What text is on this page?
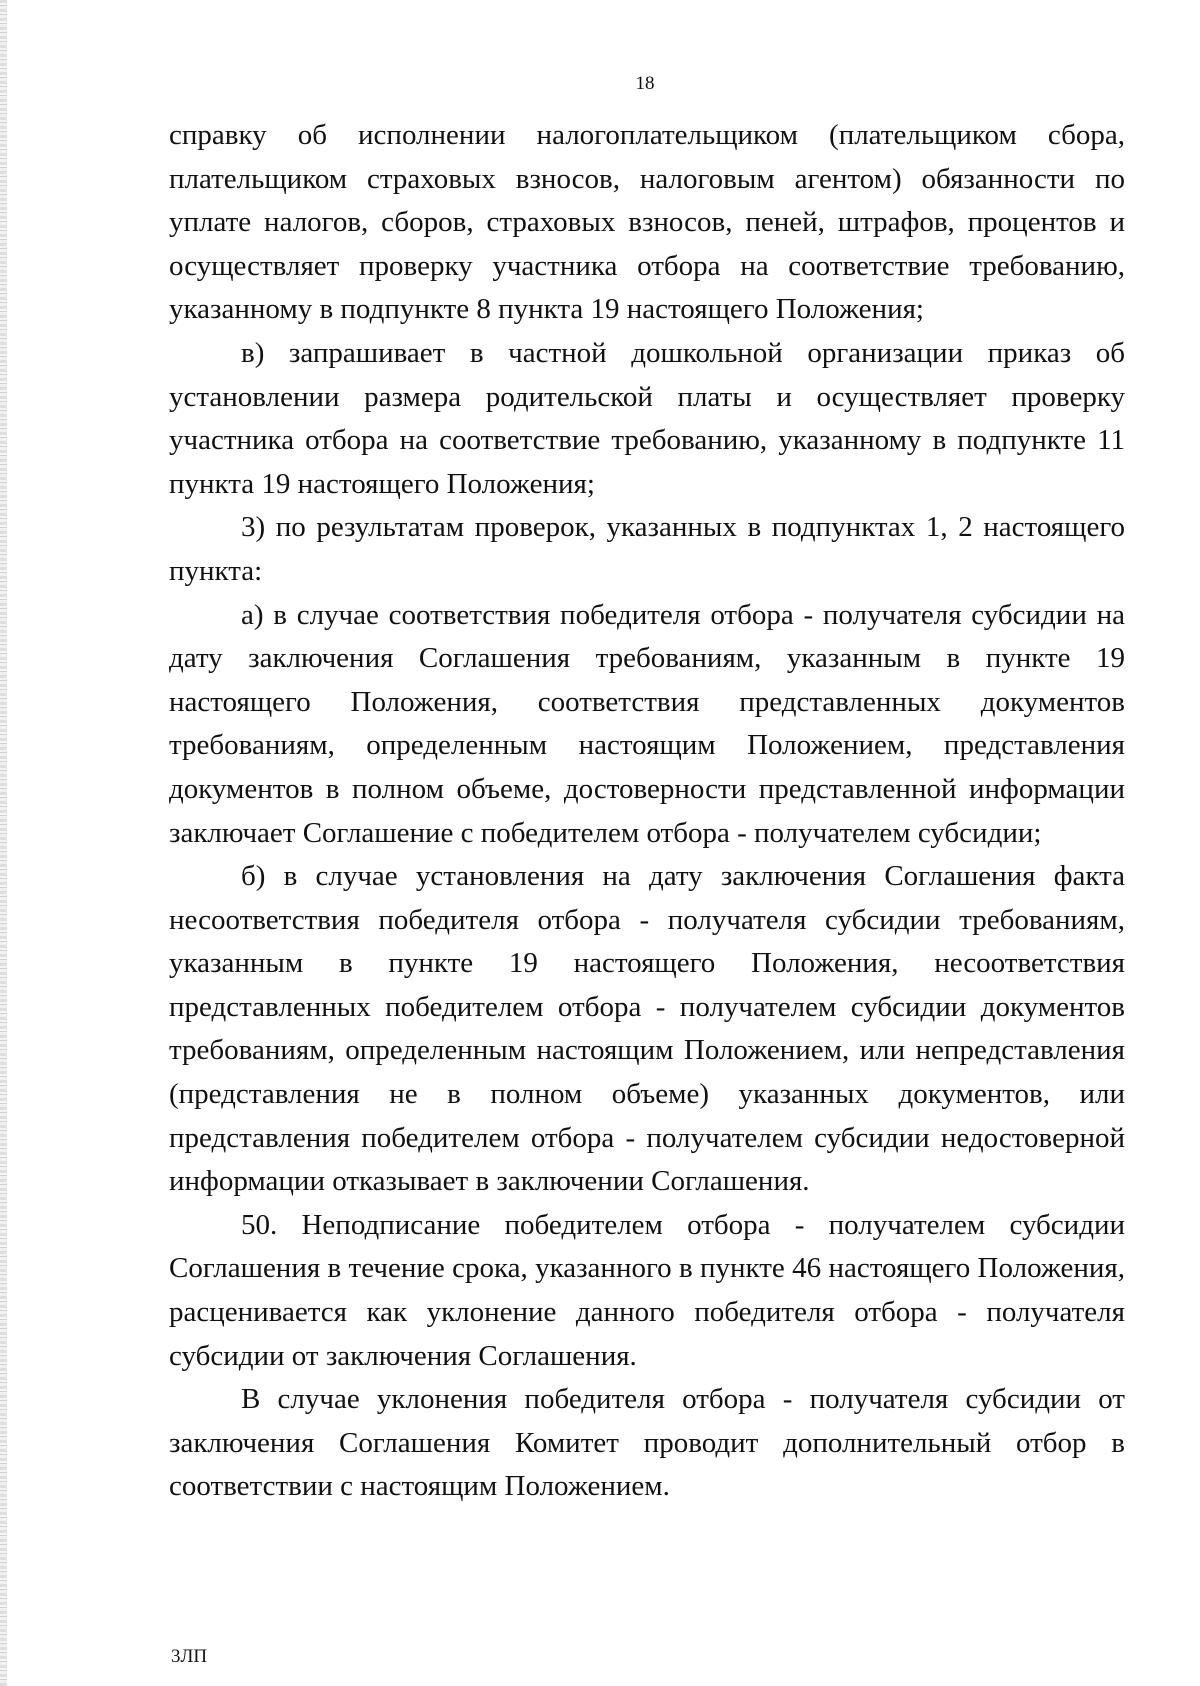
18

справку об исполнении налогоплательщиком (плательщиком сбора, плательщиком страховых взносов, налоговым агентом) обязанности по уплате налогов, сборов, страховых взносов, пеней, штрафов, процентов и осуществляет проверку участника отбора на соответствие требованию, указанному в подпункте 8 пункта 19 настоящего Положения;

в) запрашивает в частной дошкольной организации приказ об установлении размера родительской платы и осуществляет проверку участника отбора на соответствие требованию, указанному в подпункте 11 пункта 19 настоящего Положения;

3) по результатам проверок, указанных в подпунктах 1, 2 настоящего пункта:

а) в случае соответствия победителя отбора - получателя субсидии на дату заключения Соглашения требованиям, указанным в пункте 19 настоящего Положения, соответствия представленных документов требованиям, определенным настоящим Положением, представления документов в полном объеме, достоверности представленной информации заключает Соглашение с победителем отбора - получателем субсидии;

б) в случае установления на дату заключения Соглашения факта несоответствия победителя отбора - получателя субсидии требованиям, указанным в пункте 19 настоящего Положения, несоответствия представленных победителем отбора - получателем субсидии документов требованиям, определенным настоящим Положением, или непредставления (представления не в полном объеме) указанных документов, или представления победителем отбора - получателем субсидии недостоверной информации отказывает в заключении Соглашения.

50. Неподписание победителем отбора - получателем субсидии Соглашения в течение срока, указанного в пункте 46 настоящего Положения, расценивается как уклонение данного победителя отбора - получателя субсидии от заключения Соглашения.

В случае уклонения победителя отбора - получателя субсидии от заключения Соглашения Комитет проводит дополнительный отбор в соответствии с настоящим Положением.

3ЛП
